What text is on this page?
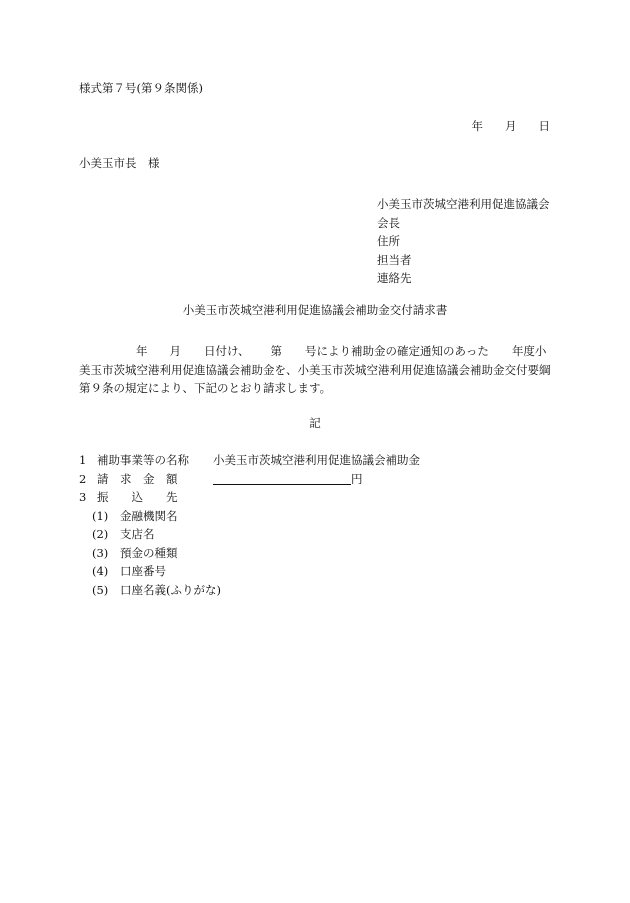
様式第７号(第９条関係)
年 月 日
小美玉市長　様
小美玉市茨城空港利用促進協議会
会長
住所
担当者
連絡先
小美玉市茨城空港利用促進協議会補助金交付請求書
年 月 日付け、 第 号により補助金の確定通知のあった 年度小美玉市茨城空港利用促進協議会補助金を、小美玉市茨城空港利用促進協議会補助金交付要綱第９条の規定により、下記のとおり請求します。
記
1 補助事業等の名称 小美玉市茨城空港利用促進協議会補助金
2 請　求　金　額	円
3 振　　込　　先
(1) 金融機関名
(2) 支店名
(3) 預金の種類
(4) 口座番号
(5) 口座名義(ふりがな)
